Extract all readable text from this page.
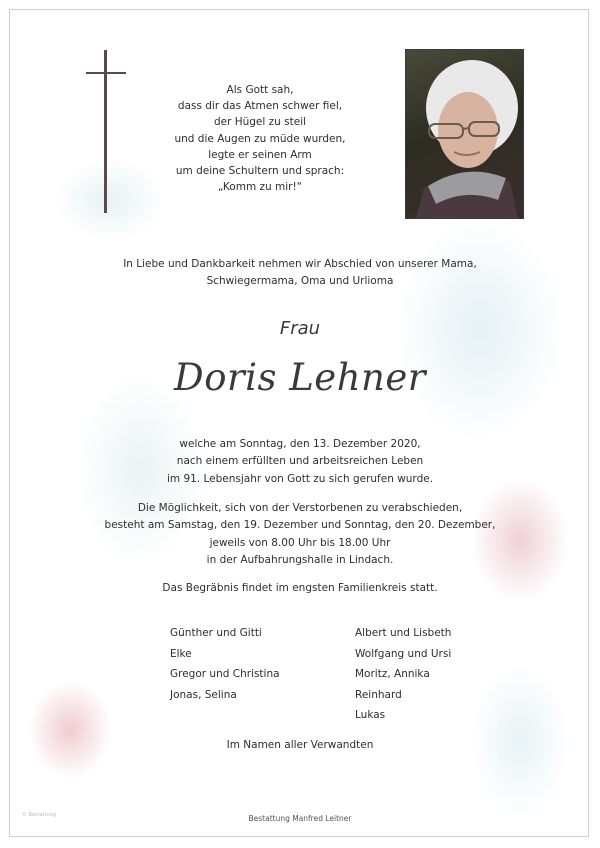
Als Gott sah,
dass dir das Atmen schwer fiel,
der Hügel zu steil
und die Augen zu müde wurden,
legte er seinen Arm
um deine Schultern und sprach:
„Komm zu mir!“
In Liebe und Dankbarkeit nehmen wir Abschied von unserer Mama,
Schwiegermama, Oma und Urlioma
Frau
Doris Lehner
welche am Sonntag, den 13. Dezember 2020,
nach einem erfüllten und arbeitsreichen Leben
im 91. Lebensjahr von Gott zu sich gerufen wurde.
Die Möglichkeit, sich von der Verstorbenen zu verabschieden,
besteht am Samstag, den 19. Dezember und Sonntag, den 20. Dezember,
jeweils von 8.00 Uhr bis 18.00 Uhr
in der Aufbahrungshalle in Lindach.
Das Begräbnis findet im engsten Familienkreis statt.
Günther und Gitti
Elke
Gregor und Christina
Jonas, Selina
Albert und Lisbeth
Wolfgang und Ursi
Moritz, Annika
Reinhard
Lukas
Im Namen aller Verwandten
© Bestattung	Bestattung Manfred Leitner
